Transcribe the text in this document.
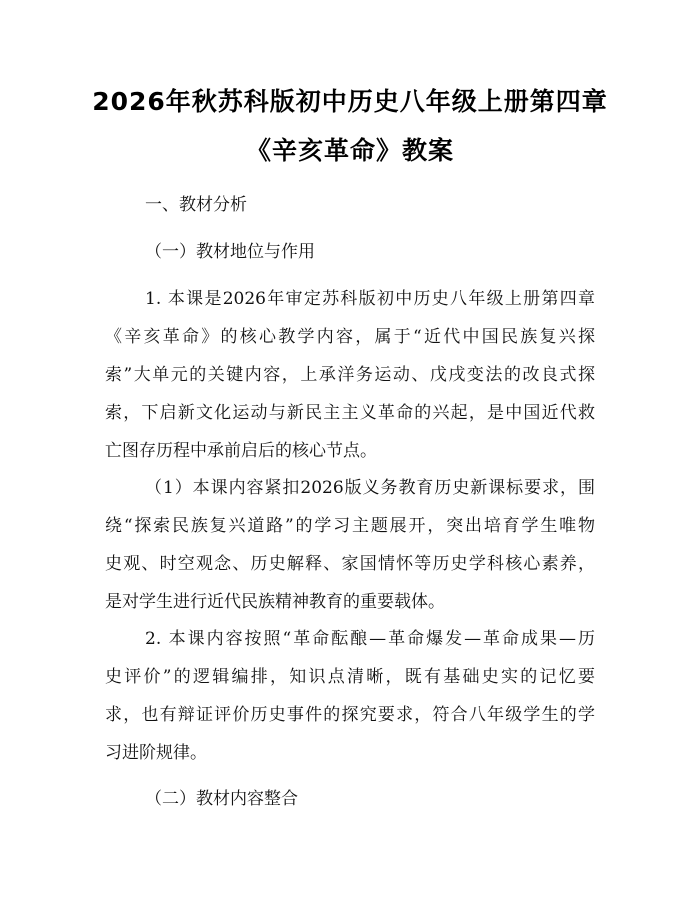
2026年秋苏科版初中历史八年级上册第四章
《辛亥革命》教案
一、教材分析
（一）教材地位与作用
1. 本课是2026年审定苏科版初中历史八年级上册第四章
《辛亥革命》的核心教学内容，属于“近代中国民族复兴探
索”大单元的关键内容，上承洋务运动、戊戌变法的改良式探
索，下启新文化运动与新民主主义革命的兴起，是中国近代救
亡图存历程中承前启后的核心节点。
（1）本课内容紧扣2026版义务教育历史新课标要求，围
绕“探索民族复兴道路”的学习主题展开，突出培育学生唯物
史观、时空观念、历史解释、家国情怀等历史学科核心素养，
是对学生进行近代民族精神教育的重要载体。
2. 本课内容按照“革命酝酿—革命爆发—革命成果—历
史评价”的逻辑编排，知识点清晰，既有基础史实的记忆要
求，也有辩证评价历史事件的探究要求，符合八年级学生的学
习进阶规律。
（二）教材内容整合
